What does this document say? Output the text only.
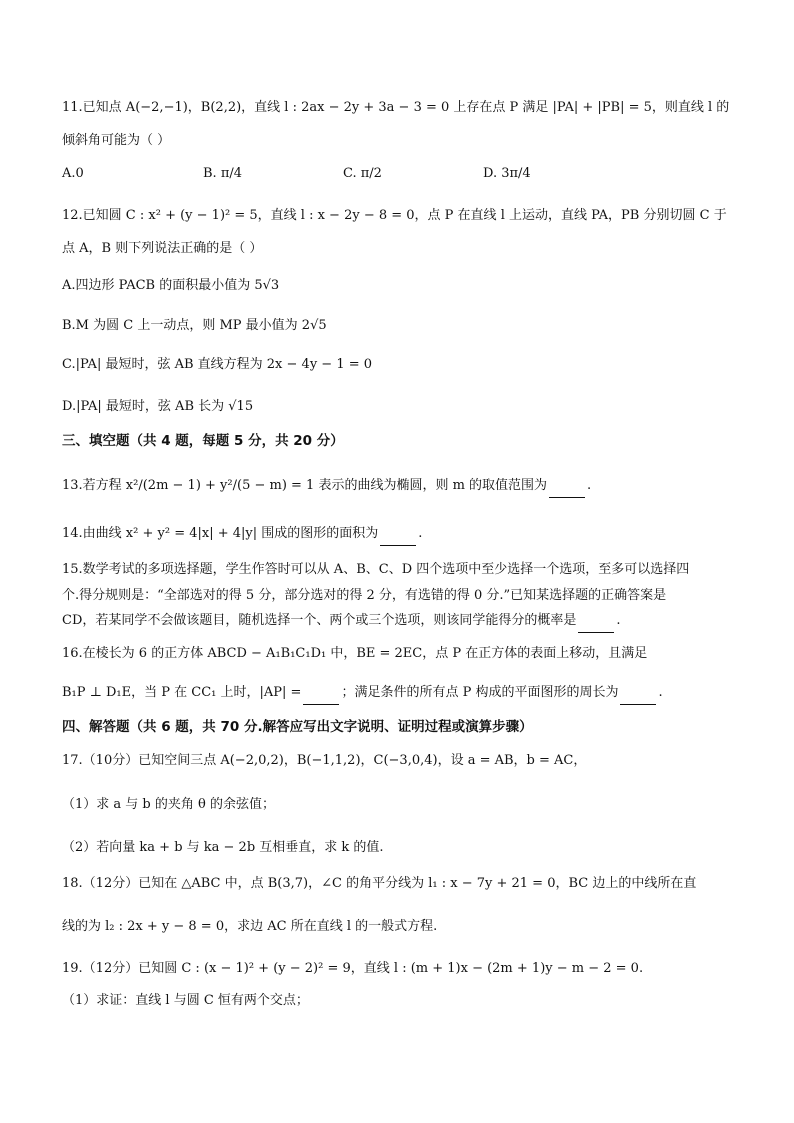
11.已知点 A(−2,−1)，B(2,2)，直线 l : 2ax − 2y + 3a − 3 = 0 上存在点 P 满足 |PA| + |PB| = 5，则直线 l 的
倾斜角可能为（ ）
A.0	B. π/4	C. π/2	D. 3π/4
12.已知圆 C : x² + (y − 1)² = 5，直线 l : x − 2y − 8 = 0，点 P 在直线 l 上运动，直线 PA，PB 分别切圆 C 于
点 A，B 则下列说法正确的是（ ）
A.四边形 PACB 的面积最小值为 5√3
B.M 为圆 C 上一动点，则 MP 最小值为 2√5
C.|PA| 最短时，弦 AB 直线方程为 2x − 4y − 1 = 0
D.|PA| 最短时，弦 AB 长为 √15
三、填空题（共 4 题，每题 5 分，共 20 分）
13.若方程 x²/(2m − 1) + y²/(5 − m) = 1 表示的曲线为椭圆，则 m 的取值范围为	.
14.由曲线 x² + y² = 4|x| + 4|y| 围成的图形的面积为	.
15.数学考试的多项选择题，学生作答时可以从 A、B、C、D 四个选项中至少选择一个选项，至多可以选择四
个.得分规则是：“全部选对的得 5 分，部分选对的得 2 分，有选错的得 0 分.”已知某选择题的正确答案是
CD，若某同学不会做该题目，随机选择一个、两个或三个选项，则该同学能得分的概率是	.
16.在棱长为 6 的正方体 ABCD − A₁B₁C₁D₁ 中，BE = 2EC，点 P 在正方体的表面上移动，且满足
B₁P ⊥ D₁E，当 P 在 CC₁ 上时，|AP| =	；满足条件的所有点 P 构成的平面图形的周长为	.
四、解答题（共 6 题，共 70 分.解答应写出文字说明、证明过程或演算步骤）
17.（10分）已知空间三点 A(−2,0,2)，B(−1,1,2)，C(−3,0,4)，设 a = AB，b = AC，
（1）求 a 与 b 的夹角 θ 的余弦值；
（2）若向量 ka + b 与 ka − 2b 互相垂直，求 k 的值.
18.（12分）已知在 △ABC 中，点 B(3,7)，∠C 的角平分线为 l₁ : x − 7y + 21 = 0，BC 边上的中线所在直
线的为 l₂ : 2x + y − 8 = 0，求边 AC 所在直线 l 的一般式方程.
19.（12分）已知圆 C : (x − 1)² + (y − 2)² = 9，直线 l : (m + 1)x − (2m + 1)y − m − 2 = 0.
（1）求证：直线 l 与圆 C 恒有两个交点；
